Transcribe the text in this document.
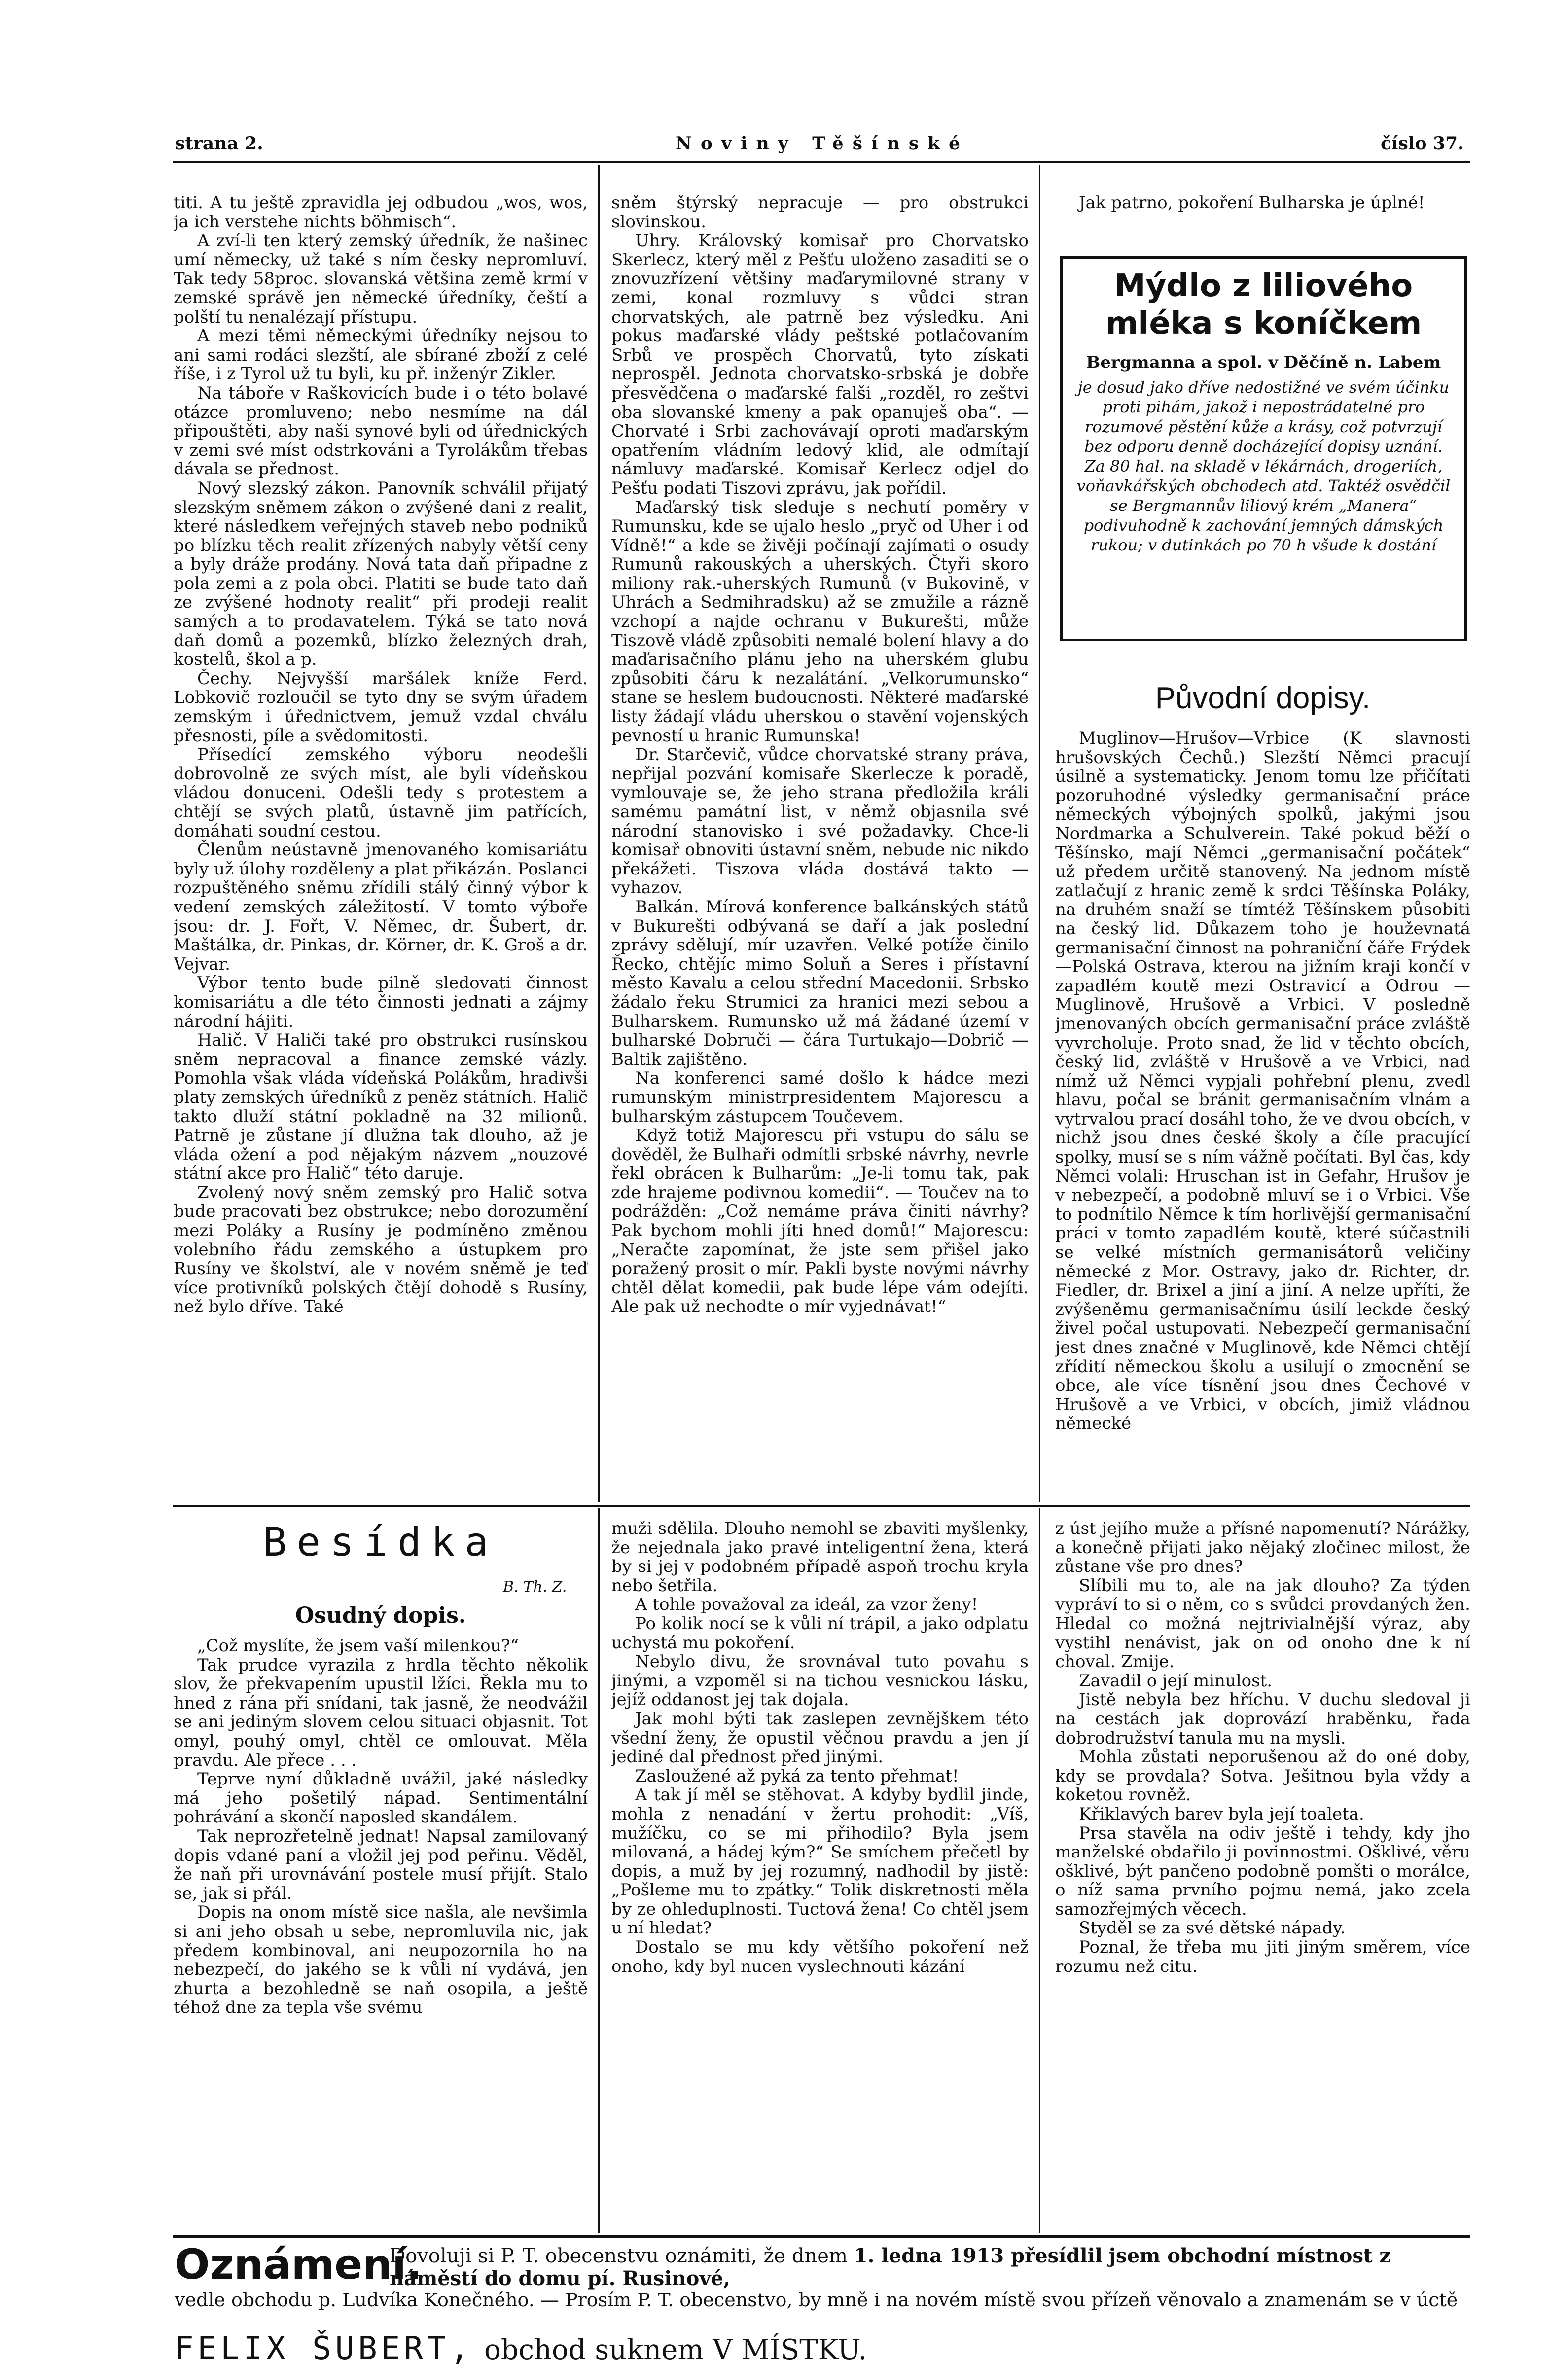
strana 2.	Noviny Těšínské	číslo 37.

titi. A tu ještě zpravidla jej odbudou „wos, wos, ja ich verstehe nichts böhmisch“.

A zví-li ten který zemský úředník, že našinec umí německy, už také s ním česky nepromluví. Tak tedy 58proc. slovanská většina země krmí v zemské správě jen německé úředníky, čeští a polští tu nenalézají přístupu.

A mezi těmi německými úředníky nejsou to ani sami rodáci slezští, ale sbírané zboží z celé říše, i z Tyrol už tu byli, ku př. inženýr Zikler.

Na táboře v Raškovicích bude i o této bolavé otázce promluveno; nebo nesmíme na dál připouštěti, aby naši synové byli od úřednických v zemi své míst odstrkováni a Tyrolákům třebas dávala se přednost.

Nový slezský zákon. Panovník schválil přijatý slezským sněmem zákon o zvýšené dani z realit, které následkem veřejných staveb nebo podniků po blízku těch realit zřízených nabyly větší ceny a byly dráže prodány. Nová tata daň připadne z pola zemi a z pola obci. Platiti se bude tato daň ze zvýšené hodnoty realit“ při prodeji realit samých a to prodavatelem. Týká se tato nová daň domů a pozemků, blízko železných drah, kostelů, škol a p.

Čechy. Nejvyšší maršálek kníže Ferd. Lobkovič rozloučil se tyto dny se svým úřadem zemským i úřednictvem, jemuž vzdal chválu přesnosti, píle a svědomitosti.

Přísedící zemského výboru neodešli dobrovolně ze svých míst, ale byli vídeňskou vládou donuceni. Odešli tedy s protestem a chtějí se svých platů, ústavně jim patřících, domáhati soudní cestou.

Členům neústavně jmenovaného komisariátu byly už úlohy rozděleny a plat přikázán. Poslanci rozpuštěného sněmu zřídili stálý činný výbor k vedení zemských záležitostí. V tomto výboře jsou: dr. J. Fořt, V. Němec, dr. Šubert, dr. Maštálka, dr. Pinkas, dr. Körner, dr. K. Groš a dr. Vejvar.

Výbor tento bude pilně sledovati činnost komisariátu a dle této činnosti jednati a zájmy národní hájiti.

Halič. V Haliči také pro obstrukci rusínskou sněm nepracoval a finance zemské vázly. Pomohla však vláda vídeňská Polákům, hradivši platy zemských úředníků z peněz státních. Halič takto dluží státní pokladně na 32 milionů. Patrně je zůstane jí dlužna tak dlouho, až je vláda ožení a pod nějakým názvem „nouzové státní akce pro Halič“ této daruje.

Zvolený nový sněm zemský pro Halič sotva bude pracovati bez obstrukce; nebo dorozumění mezi Poláky a Rusíny je podmíněno změnou volebního řádu zemského a ústupkem pro Rusíny ve školství, ale v novém sněmě je teď více protivníků polských čtějí dohodě s Rusíny, než bylo dříve. Také

sněm štýrský nepracuje — pro obstrukci slovinskou.

Uhry. Královský komisař pro Chorvatsko Skerlecz, který měl z Pešťu uloženo zasaditi se o znovuzřízení většiny maďarymilovné strany v zemi, konal rozmluvy s vůdci stran chorvatských, ale patrně bez výsledku. Ani pokus maďarské vlády peštské potlačovaním Srbů ve prospěch Chorvatů, tyto získati neprospěl. Jednota chorvatsko-srbská je dobře přesvědčena o maďarské falši „rozděl, ro zeštvi oba slovanské kmeny a pak opanuješ oba“. — Chorvaté i Srbi zachovávají oproti maďarským opatřením vládním ledový klid, ale odmítají námluvy maďarské. Komisař Kerlecz odjel do Pešťu podati Tiszovi zprávu, jak pořídil.

Maďarský tisk sleduje s nechutí poměry v Rumunsku, kde se ujalo heslo „pryč od Uher i od Vídně!“ a kde se živěji počínají zajímati o osudy Rumunů rakouských a uherských. Čtyři skoro miliony rak.-uherských Rumunů (v Bukovině, v Uhrách a Sedmihradsku) až se zmužile a rázně vzchopí a najde ochranu v Bukurešti, může Tiszově vládě způsobiti nemalé bolení hlavy a do maďarisačního plánu jeho na uherském glubu způsobiti čáru k nezalátání. „Velkorumunsko“ stane se heslem budoucnosti. Některé maďarské listy žádají vládu uherskou o stavění vojenských pevností u hranic Rumunska!

Dr. Starčevič, vůdce chorvatské strany práva, nepřijal pozvání komisaře Skerlecze k poradě, vymlouvaje se, že jeho strana předložila králi samému památní list, v němž objasnila své národní stanovisko i své požadavky. Chce-li komisař obnoviti ústavní sněm, nebude nic nikdo překážeti. Tiszova vláda dostává takto — vyhazov.

Balkán. Mírová konference balkánských států v Bukurešti odbývaná se daří a jak poslední zprávy sdělují, mír uzavřen. Velké potíže činilo Řecko, chtějíc mimo Soluň a Seres i přístavní město Kavalu a celou střední Macedonii. Srbsko žádalo řeku Strumici za hranici mezi sebou a Bulharskem. Rumunsko už má žádané území v bulharské Dobruči — čára Turtukajo—Dobrič —Baltik zajištěno.

Na konferenci samé došlo k hádce mezi rumunským ministrpresidentem Majorescu a bulharským zástupcem Toučevem.

Když totiž Majorescu při vstupu do sálu se dověděl, že Bulhaři odmítli srbské návrhy, nevrle řekl obrácen k Bulharům: „Je-li tomu tak, pak zde hrajeme podivnou komedii“. — Toučev na to podrážděn: „Což nemáme práva činiti návrhy? Pak bychom mohli jíti hned domů!“ Majorescu: „Neračte zapomínat, že jste sem přišel jako poražený prosit o mír. Pakli byste novými návrhy chtěl dělat komedii, pak bude lépe vám odejíti. Ale pak už nechodte o mír vyjednávat!“

Jak patrno, pokoření Bulharska je úplné!

Mýdlo z liliového
mléka s koníčkem
Bergmanna a spol. v Děčíně n. Labem
je dosud jako dříve nedostižné ve svém účinku proti pihám, jakož i nepostrádatelné pro rozumové pěstění kůže a krásy, což potvrzují bez odporu denně docházející dopisy uznání. Za 80 hal. na skladě v lékárnách, drogeriích, voňavkářských obchodech atd. Taktéž osvědčil se Bergmannův liliový krém „Manera“ podivuhodně k zachování jemných dámských rukou; v dutinkách po 70 h všude k dostání
Původní dopisy.

Muglinov—Hrušov—Vrbice (K slavnosti hrušovských Čechů.) Slezští Němci pracují úsilně a systematicky. Jenom tomu lze přičítati pozoruhodné výsledky germanisační práce německých výbojných spolků, jakými jsou Nordmarka a Schulverein. Také pokud běží o Těšínsko, mají Němci „germanisační počátek“ už předem určitě stanovený. Na jednom místě zatlačují z hranic země k srdci Těšínska Poláky, na druhém snaží se tímtéž Těšínskem působiti na český lid. Důkazem toho je houževnatá germanisační činnost na pohraniční čáře Frýdek—Polská Ostrava, kterou na jižním kraji končí v zapadlém koutě mezi Ostravicí a Odrou — Muglinově, Hrušově a Vrbici. V posledně jmenovaných obcích germanisační práce zvláště vyvrcholuje. Proto snad, že lid v těchto obcích, český lid, zvláště v Hrušově a ve Vrbici, nad nímž už Němci vypjali pohřební plenu, zvedl hlavu, počal se bránit germanisačním vlnám a vytrvalou prací dosáhl toho, že ve dvou obcích, v nichž jsou dnes české školy a číle pracující spolky, musí se s ním vážně počítati. Byl čas, kdy Němci volali: Hruschan ist in Gefahr, Hrušov je v nebezpečí, a podobně mluví se i o Vrbici. Vše to podnítilo Němce k tím horlivější germanisační práci v tomto zapadlém koutě, které súčastnili se velké místních germanisátorů veličiny německé z Mor. Ostravy, jako dr. Richter, dr. Fiedler, dr. Brixel a jiní a jiní. A nelze upříti, že zvýšeněmu germanisačnímu úsilí leckde český živel počal ustupovati. Nebezpečí germanisační jest dnes značné v Muglinově, kde Němci chtějí zřídití německou školu a usilují o zmocnění se obce, ale více tísnění jsou dnes Čechové v Hrušově a ve Vrbici, v obcích, jimiž vládnou německé

Besídka
B. Th. Z.
Osudný dopis.

„Což myslíte, že jsem vaší milenkou?“

Tak prudce vyrazila z hrdla těchto několik slov, že překvapením upustil lžíci. Řekla mu to hned z rána při snídani, tak jasně, že neodvážil se ani jediným slovem celou situaci objasnit. Tot omyl, pouhý omyl, chtěl ce omlouvat. Měla pravdu. Ale přece . . .

Teprve nyní důkladně uvážil, jaké následky má jeho pošetilý nápad. Sentimentální pohrávání a skončí naposled skandálem.

Tak neprozřetelně jednat! Napsal zamilovaný dopis vdané paní a vložil jej pod peřinu. Věděl, že naň při urovnávání postele musí přijít. Stalo se, jak si přál.

Dopis na onom místě sice našla, ale nevšimla si ani jeho obsah u sebe, nepromluvila nic, jak předem kombinoval, ani neupozornila ho na nebezpečí, do jakého se k vůli ní vydává, jen zhurta a bezohledně se naň osopila, a ještě téhož dne za tepla vše svému

muži sdělila. Dlouho nemohl se zbaviti myšlenky, že nejednala jako pravé inteligentní žena, která by si jej v podobném případě aspoň trochu kryla nebo šetřila.

A tohle považoval za ideál, za vzor ženy!

Po kolik nocí se k vůli ní trápil, a jako odplatu uchystá mu pokoření.

Nebylo divu, že srovnával tuto povahu s jinými, a vzpoměl si na tichou vesnickou lásku, jejíž oddanost jej tak dojala.

Jak mohl býti tak zaslepen zevnějškem této všední ženy, že opustil věčnou pravdu a jen jí jediné dal přednost před jinými.

Zasloužené až pyká za tento přehmat!

A tak jí měl se stěhovat. A kdyby bydlil jinde, mohla z nenadání v žertu prohodit: „Víš, mužíčku, co se mi přihodilo? Byla jsem milovaná, a hádej kým?“ Se smíchem přečetl by dopis, a muž by jej rozumný, nadhodil by jistě: „Pošleme mu to zpátky.“ Tolik diskretnosti měla by ze ohleduplnosti. Tuctová žena! Co chtěl jsem u ní hledat?

Dostalo se mu kdy většího pokoření než onoho, kdy byl nucen vyslechnouti kázání

z úst jejího muže a přísné napomenutí? Nárážky, a konečně přijati jako nějaký zločinec milost, že zůstane vše pro dnes?

Slíbili mu to, ale na jak dlouho? Za týden vypráví to si o něm, co s svůdci provdaných žen. Hledal co možná nejtrivialnější výraz, aby vystihl nenávist, jak on od onoho dne k ní choval. Zmije.

Zavadil o její minulost.

Jistě nebyla bez hříchu. V duchu sledoval ji na cestách jak doprovází hraběnku, řada dobrodružství tanula mu na mysli.

Mohla zůstati neporušenou až do oné doby, kdy se provdala? Sotva. Ješitnou byla vždy a koketou rovněž.

Křiklavých barev byla její toaleta.

Prsa stavěla na odiv ještě i tehdy, kdy jho manželské obdařilo ji povinnostmi. Ošklivé, věru ošklivé, být pančeno podobně pomšti o morálce, o níž sama prvního pojmu nemá, jako zcela samozřejmých věcech.

Styděl se za své dětské nápady.

Poznal, že třeba mu jiti jiným směrem, více rozumu než citu.

Oznámení.
Dovoluji si P. T. obecenstvu oznámiti, že dnem 1. ledna 1913 přesídlil jsem obchodní místnost z náměstí do domu pí. Rusinové,
vedle obchodu p. Ludvíka Konečného. — Prosím P. T. obecenstvo, by mně i na novém místě svou přízeň věnovalo a znamenám se v úctě
FELIX ŠUBERT, obchod suknem V MÍSTKU.
